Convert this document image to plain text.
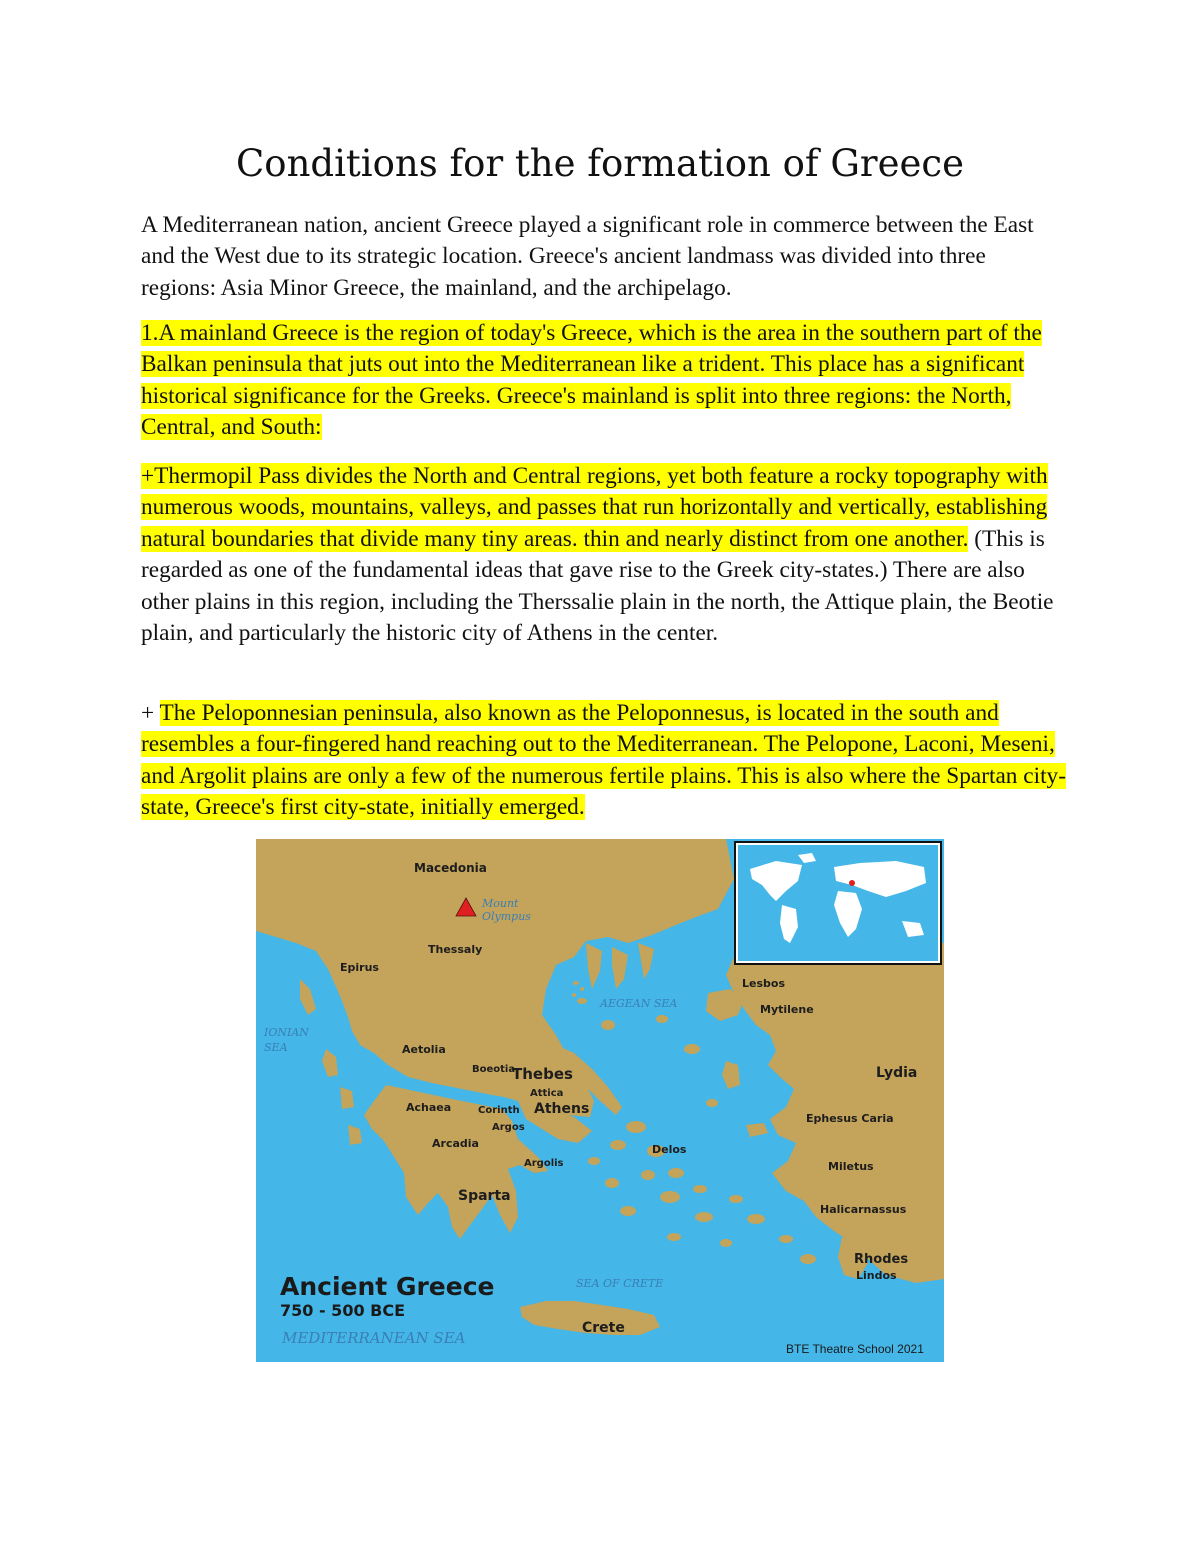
Conditions for the formation of Greece

A Mediterranean nation, ancient Greece played a significant role in commerce between the East and the West due to its strategic location. Greece's ancient landmass was divided into three regions: Asia Minor Greece, the mainland, and the archipelago.

1.A mainland Greece is the region of today's Greece, which is the area in the southern part of the Balkan peninsula that juts out into the Mediterranean like a trident. This place has a significant historical significance for the Greeks. Greece's mainland is split into three regions: the North, Central, and South:

+Thermopil Pass divides the North and Central regions, yet both feature a rocky topography with numerous woods, mountains, valleys, and passes that run horizontally and vertically, establishing natural boundaries that divide many tiny areas. thin and nearly distinct from one another. (This is regarded as one of the fundamental ideas that gave rise to the Greek city-states.) There are also other plains in this region, including the Therssalie plain in the north, the Attique plain, the Beotie plain, and particularly the historic city of Athens in the center.

+ The Peloponnesian peninsula, also known as the Peloponnesus, is located in the south and resembles a four-fingered hand reaching out to the Mediterranean. The Pelopone, Laconi, Meseni, and Argolit plains are only a few of the numerous fertile plains. This is also where the Spartan city-state, Greece's first city-state, initially emerged.

Mount
Olympus
Macedonia
Thessaly
Epirus
Aetolia
Boeotia
Thebes
Attica
Athens
Achaea	Corinth
Argos
Arcadia
Argolis
Sparta
Delos
Crete
Lesbos
Mytilene
Lydia
Ephesus Caria
Miletus
Halicarnassus
Rhodes
Lindos
AEGEAN SEA
IONIAN
SEA
SEA OF CRETE
MEDITERRANEAN SEA
Ancient Greece
750 - 500 BCE
BTE Theatre School 2021
